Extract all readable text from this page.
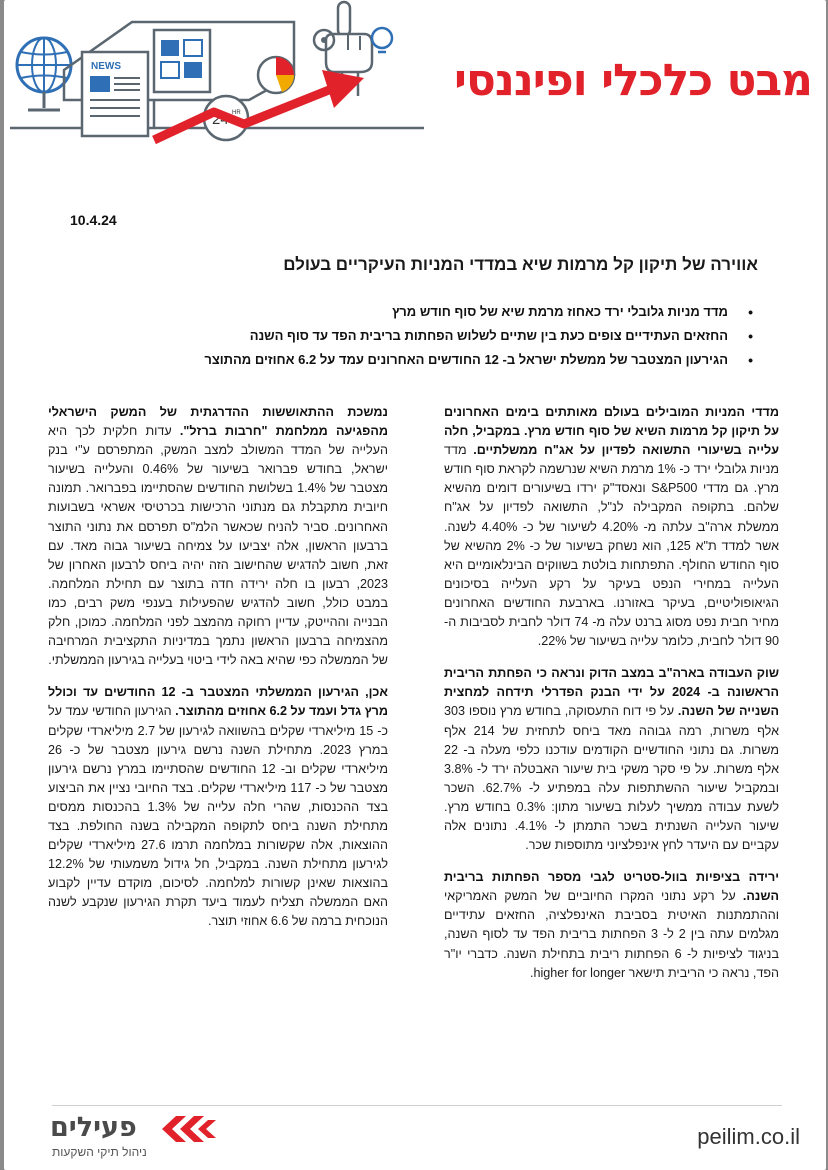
NEWS
24 HR
מבט כלכלי ופיננסי
10.4.24
אווירה של תיקון קל מרמות שיא במדדי המניות העיקריים בעולם
• מדד מניות גלובלי ירד כאחוז מרמת שיא של סוף חודש מרץ
• החזאים העתידיים צופים כעת בין שתיים לשלוש הפחתות בריבית הפד עד סוף השנה
• הגירעון המצטבר של ממשלת ישראל ב- 12 החודשים האחרונים עמד על 6.2 אחוזים מהתוצר

מדדי המניות המובילים בעולם מאותתים בימים האחרונים על תיקון קל מרמות השיא של סוף חודש מרץ. במקביל, חלה עלייה בשיעורי התשואה לפדיון על אג"ח ממשלתיים. מדד מניות גלובלי ירד כ- 1% מרמת השיא שנרשמה לקראת סוף חודש מרץ. גם מדדי S&P500 ונאסד"ק ירדו בשיעורים דומים מהשיא שלהם. בתקופה המקבילה לנ"ל, התשואה לפדיון על אג"ח ממשלת ארה"ב עלתה מ- 4.20% לשיעור של כ- 4.40% לשנה. אשר למדד ת"א 125, הוא נשחק בשיעור של כ- 2% מהשיא של סוף החודש החולף. התפתחות בולטת בשווקים הבינלאומיים היא העלייה במחירי הנפט בעיקר על רקע העלייה בסיכונים הגיאופוליטיים, בעיקר באזורנו. בארבעת החודשים האחרונים מחיר חבית נפט מסוג ברנט עלה מ- 74 דולר לחבית לסביבות ה- 90 דולר לחבית, כלומר עלייה בשיעור של 22%.

שוק העבודה בארה"ב במצב הדוק ונראה כי הפחתת הריבית הראשונה ב- 2024 על ידי הבנק הפדרלי תידחה למחצית השנייה של השנה. על פי דוח התעסוקה, בחודש מרץ נוספו 303 אלף משרות, רמה גבוהה מאד ביחס לתחזית של 214 אלף משרות. גם נתוני החודשיים הקודמים עודכנו כלפי מעלה ב- 22 אלף משרות. על פי סקר משקי בית שיעור האבטלה ירד ל- 3.8% ובמקביל שיעור ההשתתפות עלה במפתיע ל- 62.7%. השכר לשעת עבודה ממשיך לעלות בשיעור מתון: 0.3% בחודש מרץ. שיעור העלייה השנתית בשכר התמתן ל- 4.1%. נתונים אלה עקביים עם היעדר לחץ אינפלציוני מתוספות שכר.

ירידה בציפיות בוול-סטריט לגבי מספר הפחתות בריבית השנה. על רקע נתוני המקרו החיוביים של המשק האמריקאי וההתמתנות האיטית בסביבת האינפלציה, החזאים עתידיים מגלמים עתה בין 2 ל- 3 הפחתות בריבית הפד עד לסוף השנה, בניגוד לציפיות ל- 6 הפחתות ריבית בתחילת השנה. כדברי יו"ר הפד, נראה כי הריבית תישאר higher for longer.

נמשכת ההתאוששות ההדרגתית של המשק הישראלי מהפגיעה ממלחמת "חרבות ברזל". עדות חלקית לכך היא העלייה של המדד המשולב למצב המשק, המתפרסם ע"י בנק ישראל, בחודש פברואר בשיעור של 0.46% והעלייה בשיעור מצטבר של 1.4% בשלושת החודשים שהסתיימו בפברואר. תמונה חיובית מתקבלת גם מנתוני הרכישות בכרטיסי אשראי בשבועות האחרונים. סביר להניח שכאשר הלמ"ס תפרסם את נתוני התוצר ברבעון הראשון, אלה יצביעו על צמיחה בשיעור גבוה מאד. עם זאת, חשוב להדגיש שהחישוב הזה יהיה ביחס לרבעון האחרון של 2023, רבעון בו חלה ירידה חדה בתוצר עם תחילת המלחמה. במבט כולל, חשוב להדגיש שהפעילות בענפי משק רבים, כמו הבנייה וההייטק, עדיין רחוקה מהמצב לפני המלחמה. כמוכן, חלק מהצמיחה ברבעון הראשון נתמך במדיניות התקציבית המרחיבה של הממשלה כפי שהיא באה לידי ביטוי בעלייה בגירעון הממשלתי.

אכן, הגירעון הממשלתי המצטבר ב- 12 החודשים עד וכולל מרץ גדל ועמד על 6.2 אחוזים מהתוצר. הגירעון החודשי עמד על כ- 15 מיליארדי שקלים בהשוואה לגירעון של 2.7 מיליארדי שקלים במרץ 2023. מתחילת השנה נרשם גירעון מצטבר של כ- 26 מיליארדי שקלים וב- 12 החודשים שהסתיימו במרץ נרשם גירעון מצטבר של כ- 117 מיליארדי שקלים. בצד החיובי נציין את הביצוע בצד ההכנסות, שהרי חלה עלייה של 1.3% בהכנסות ממסים מתחילת השנה ביחס לתקופה המקבילה בשנה החולפת. בצד ההוצאות, אלה שקשורות במלחמה תרמו 27.6 מיליארדי שקלים לגירעון מתחילת השנה. במקביל, חל גידול משמעותי של 12.2% בהוצאות שאינן קשורות למלחמה. לסיכום, מוקדם עדיין לקבוע האם הממשלה תצליח לעמוד ביעד תקרת הגירעון שנקבע לשנה הנוכחית ברמה של 6.6 אחוזי תוצר.

פעילים
ניהול תיקי השקעות
peilim.co.il
